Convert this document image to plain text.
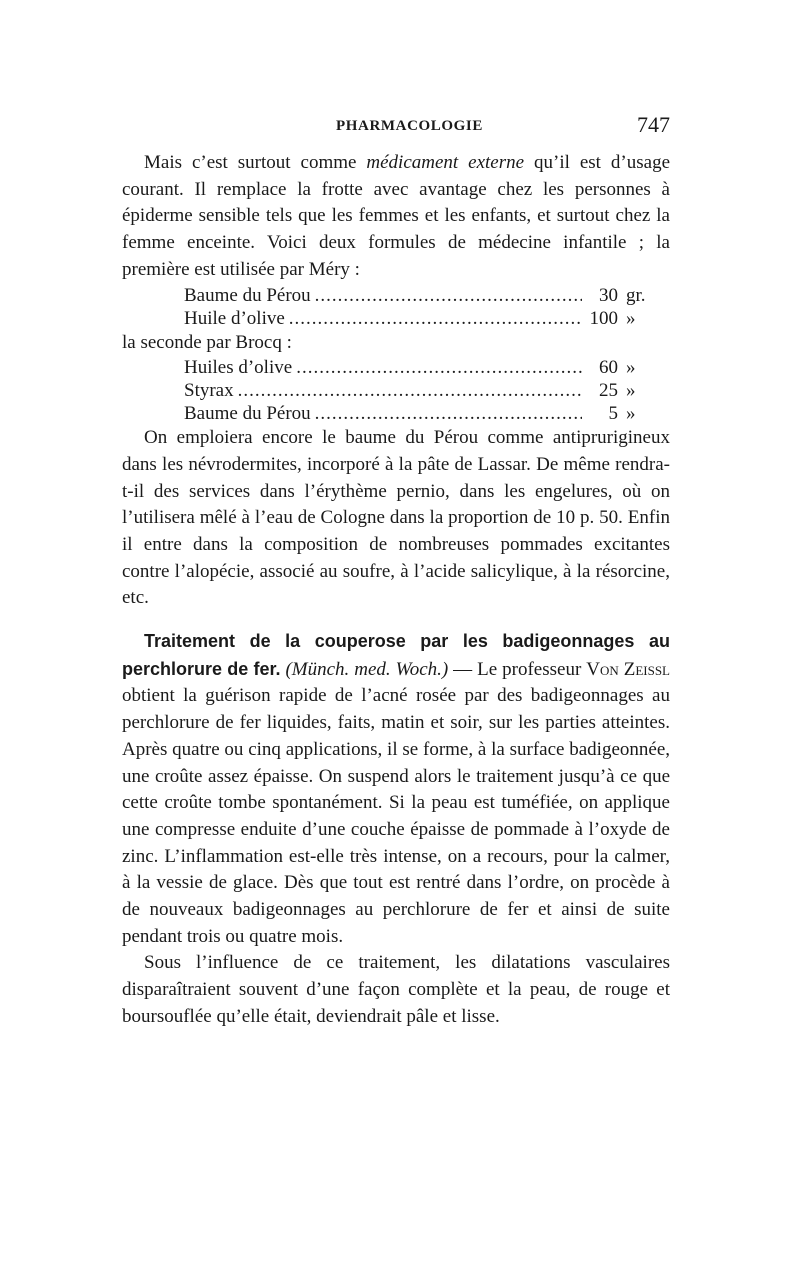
PHARMACOLOGIE	747

Mais c’est surtout comme médicament externe qu’il est d’usage courant. Il remplace la frotte avec avantage chez les personnes à épiderme sensible tels que les femmes et les enfants, et surtout chez la femme enceinte. Voici deux formules de médecine infantile ; la première est utilisée par Méry :

Baume du Pérou .....	30 gr.
Huile d’olive .....	100 »

la seconde par Brocq :

Huiles d’olive .....	60 »
Styrax .....	25 »
Baume du Pérou .....	5 »

On emploiera encore le baume du Pérou comme antiprurigineux dans les névrodermites, incorporé à la pâte de Lassar. De même rendra-t-il des services dans l’érythème pernio, dans les engelures, où on l’utilisera mêlé à l’eau de Cologne dans la proportion de 10 p. 50. Enfin il entre dans la composition de nombreuses pommades excitantes contre l’alopécie, associé au soufre, à l’acide salicylique, à la résorcine, etc.

Traitement de la couperose par les badigeonnages au perchlorure de fer. (Münch. med. Woch.) — Le professeur Von Zeissl obtient la guérison rapide de l’acné rosée par des badigeonnages au perchlorure de fer liquides, faits, matin et soir, sur les parties atteintes. Après quatre ou cinq applications, il se forme, à la surface badigeonnée, une croûte assez épaisse. On suspend alors le traitement jusqu’à ce que cette croûte tombe spontanément. Si la peau est tuméfiée, on applique une compresse enduite d’une couche épaisse de pommade à l’oxyde de zinc. L’inflammation est-elle très intense, on a recours, pour la calmer, à la vessie de glace. Dès que tout est rentré dans l’ordre, on procède à de nouveaux badigeonnages au perchlorure de fer et ainsi de suite pendant trois ou quatre mois.

Sous l’influence de ce traitement, les dilatations vasculaires disparaîtraient souvent d’une façon complète et la peau, de rouge et boursouflée qu’elle était, deviendrait pâle et lisse.
